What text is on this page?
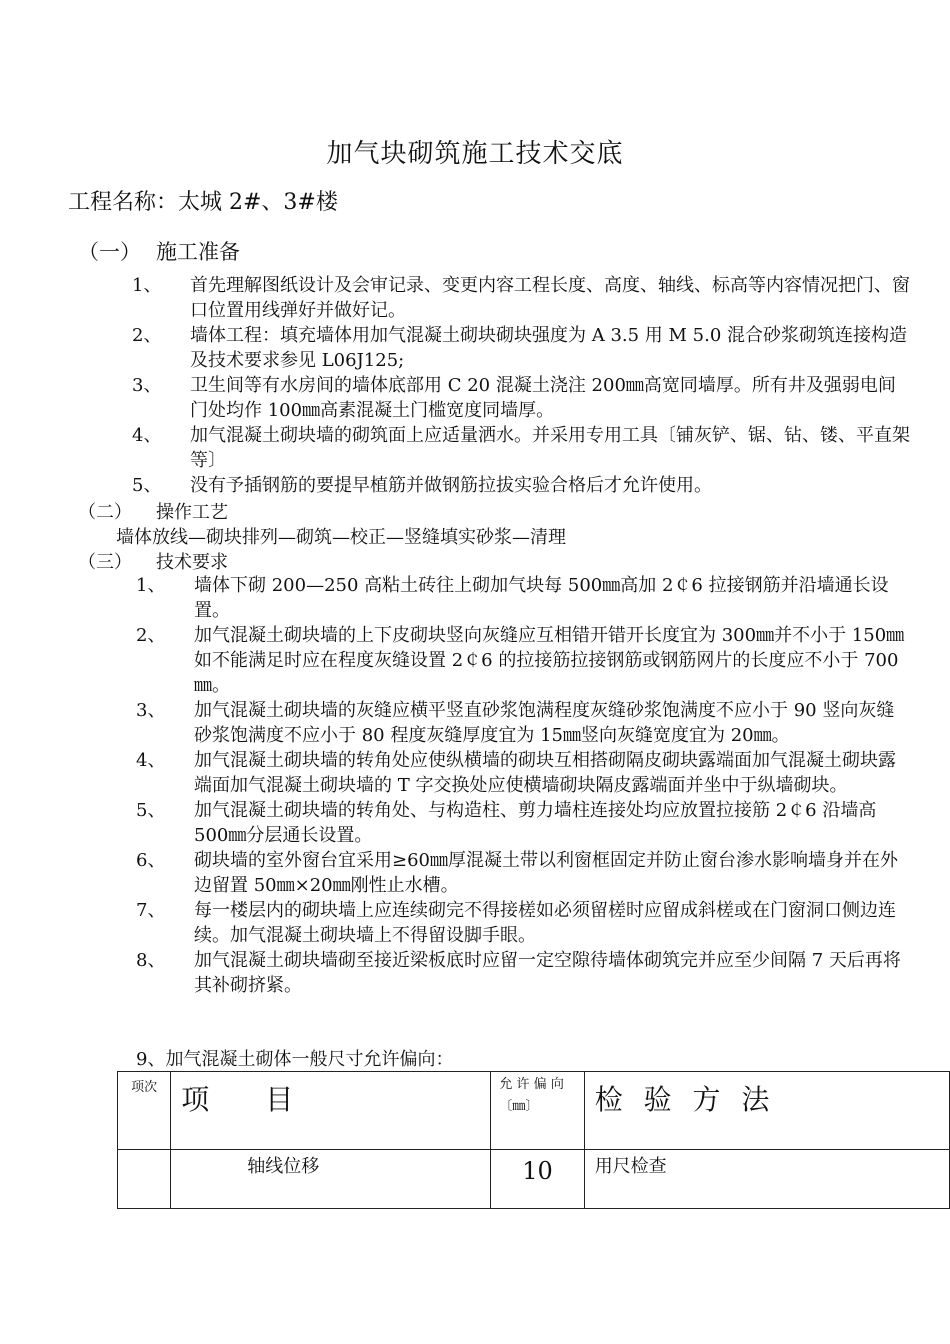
加气块砌筑施工技术交底
工程名称：太城 2#、3#楼
（一） 施工准备
1、 首先理解图纸设计及会审记录、变更内容工程长度、高度、轴线、标高等内容情况把门、窗口位置用线弹好并做好记。
2、 墙体工程：填充墙体用加气混凝土砌块砌块强度为 A 3.5 用 M 5.0 混合砂浆砌筑连接构造及技术要求参见 L06J125;
3、 卫生间等有水房间的墙体底部用 C 20 混凝土浇注 200㎜高宽同墙厚。所有井及强弱电间门处均作 100㎜高素混凝土门槛宽度同墙厚。
4、 加气混凝土砌块墙的砌筑面上应适量洒水。并采用专用工具〔铺灰铲、锯、钻、镂、平直架等〕
5、 没有予插钢筋的要提早植筋并做钢筋拉拔实验合格后才允许使用。
（二） 操作工艺
墙体放线—砌块排列—砌筑—校正—竖缝填实砂浆—清理
（三） 技术要求
1、 墙体下砌 200—250 高粘土砖往上砌加气块每 500㎜高加 2￠6 拉接钢筋并沿墙通长设置。
2、 加气混凝土砌块墙的上下皮砌块竖向灰缝应互相错开错开长度宜为 300㎜并不小于 150㎜如不能满足时应在程度灰缝设置 2￠6 的拉接筋拉接钢筋或钢筋网片的长度应不小于 700㎜。
3、 加气混凝土砌块墙的灰缝应横平竖直砂浆饱满程度灰缝砂浆饱满度不应小于 90 竖向灰缝砂浆饱满度不应小于 80 程度灰缝厚度宜为 15㎜竖向灰缝宽度宜为 20㎜。
4、 加气混凝土砌块墙的转角处应使纵横墙的砌块互相搭砌隔皮砌块露端面加气混凝土砌块露端面加气混凝土砌块墙的 T 字交换处应使横墙砌块隔皮露端面并坐中于纵墙砌块。
5、 加气混凝土砌块墙的转角处、与构造柱、剪力墙柱连接处均应放置拉接筋 2￠6 沿墙高 500㎜分层通长设置。
6、 砌块墙的室外窗台宜采用≥60㎜厚混凝土带以利窗框固定并防止窗台渗水影响墙身并在外边留置 50㎜×20㎜刚性止水槽。
7、 每一楼层内的砌块墙上应连续砌完不得接槎如必须留槎时应留成斜槎或在门窗洞口侧边连续。加气混凝土砌块墙上不得留设脚手眼。
8、 加气混凝土砌块墙砌至接近梁板底时应留一定空隙待墙体砌筑完并应至少间隔 7 天后再将其补砌挤紧。
9、加气混凝土砌体一般尺寸允许偏向：
项次	项　　目	允 许 偏 向 〔㎜〕	检 验 方 法
	轴线位移	10	用尺检查
